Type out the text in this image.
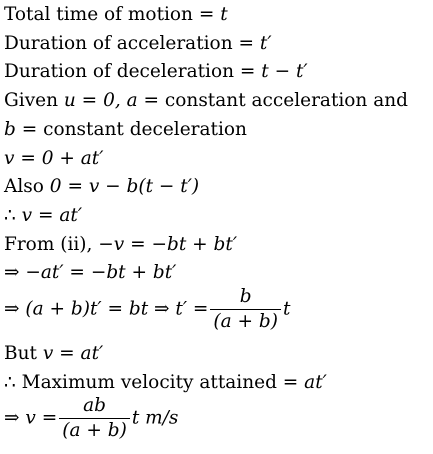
Total time of motion = t
Duration of acceleration = t′
Duration of deceleration = t − t′
Given u = 0, a = constant acceleration and
b = constant deceleration
v = 0 + at′
Also 0 = v − b(t − t′)
∴ v = at′
From (ii), −v = −bt + bt′
⇒ −at′ = −bt + bt′
⇒ (a + b)t′ = bt ⇒ $t' = \frac{b}{(a + b)}$ t
But v = at′
∴ Maximum velocity attained = at′
⇒ $v = \frac{ab}{(a + b)}$ t m/s
